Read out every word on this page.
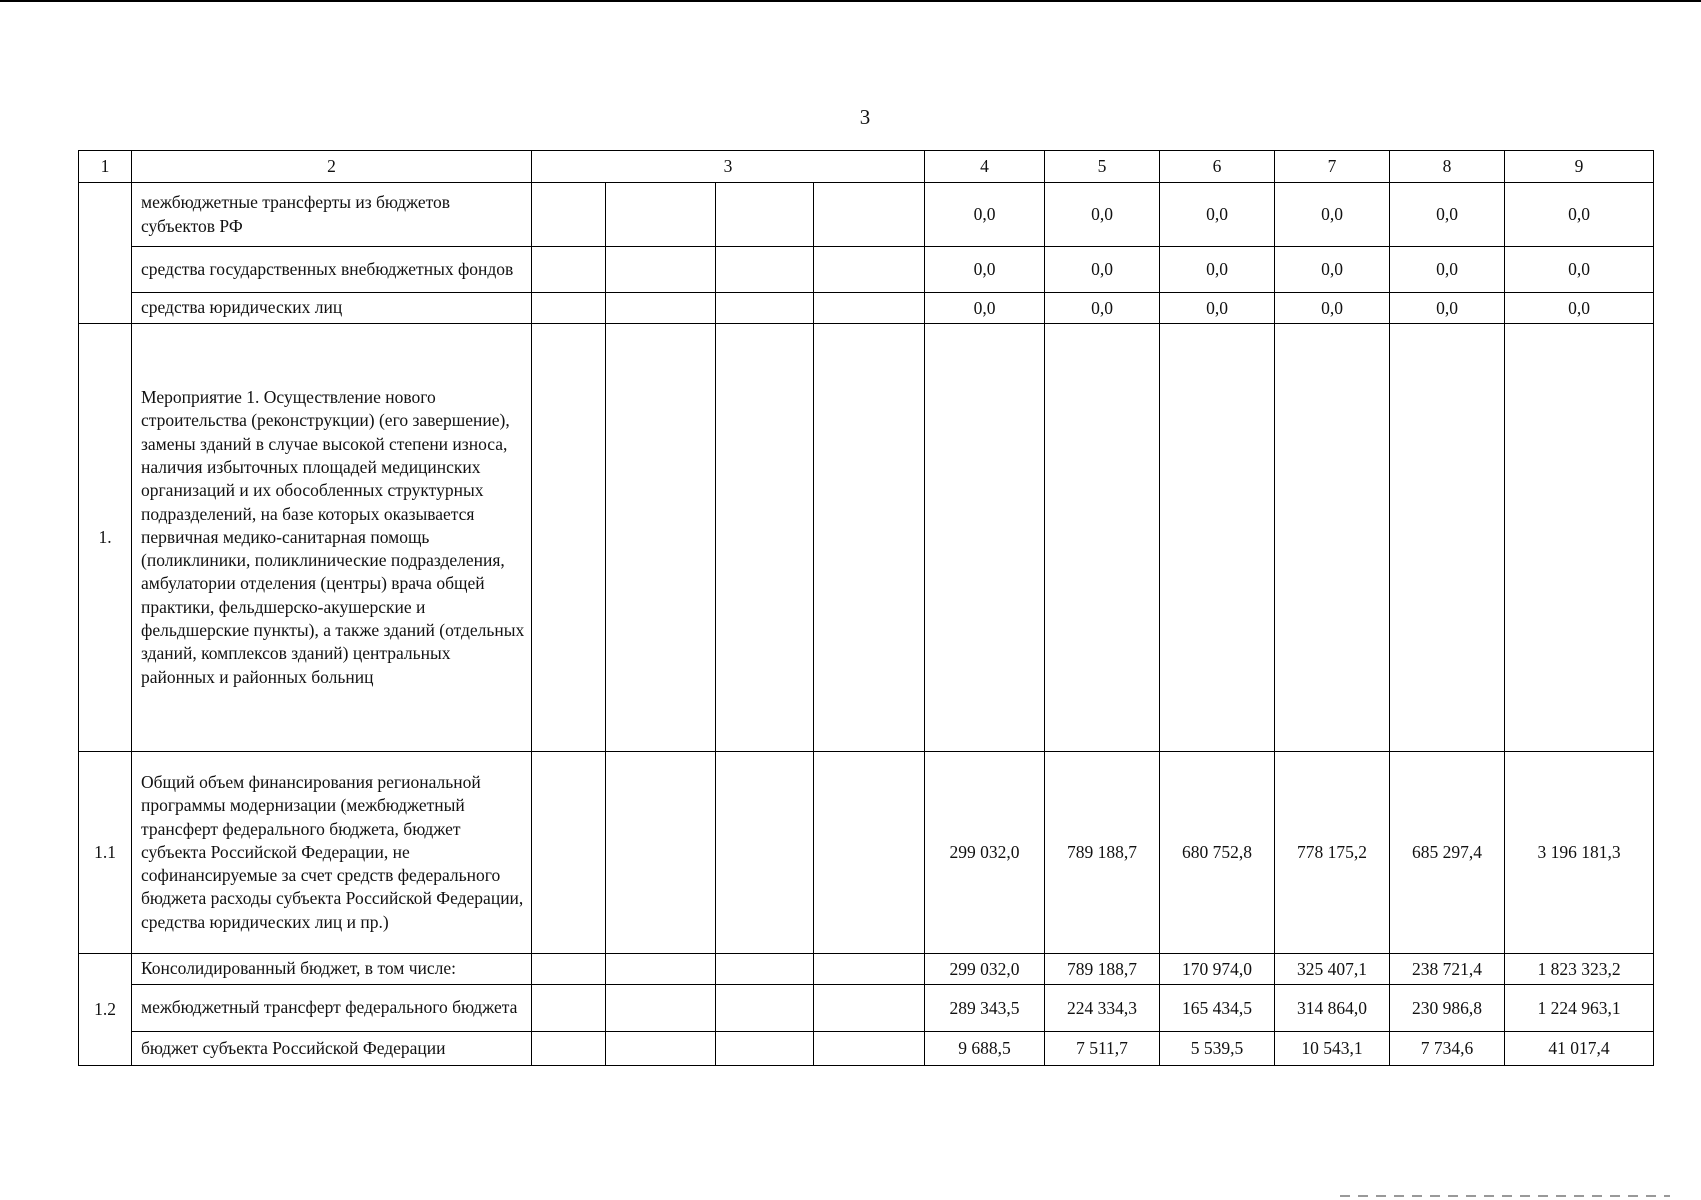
3
1	2	3				4	5	6	7	8	9
	межбюджетные трансферты из бюджетов субъектов РФ					0,0	0,0	0,0	0,0	0,0	0,0
	средства государственных внебюджетных фондов					0,0	0,0	0,0	0,0	0,0	0,0
	средства юридических лиц					0,0	0,0	0,0	0,0	0,0	0,0
1.	Мероприятие 1. Осуществление нового строительства (реконструкции) (его завершение), замены зданий в случае высокой степени износа, наличия избыточных площадей медицинских организаций и их обособленных структурных подразделений, на базе которых оказывается первичная медико-санитарная помощь (поликлиники, поликлинические подразделения, амбулатории отделения (центры) врача общей практики, фельдшерско-акушерские и фельдшерские пункты), а также зданий (отдельных зданий, комплексов зданий) центральных районных и районных больниц										
1.1	Общий объем финансирования региональной программы модернизации (межбюджетный трансферт федерального бюджета, бюджет субъекта Российской Федерации, не софинансируемые за счет средств федерального бюджета расходы субъекта Российской Федерации, средства юридических лиц и пр.)					299 032,0	789 188,7	680 752,8	778 175,2	685 297,4	3 196 181,3
1.2	Консолидированный бюджет, в том числе:					299 032,0	789 188,7	170 974,0	325 407,1	238 721,4	1 823 323,2
	межбюджетный трансферт федерального бюджета					289 343,5	224 334,3	165 434,5	314 864,0	230 986,8	1 224 963,1
	бюджет субъекта Российской Федерации					9 688,5	7 511,7	5 539,5	10 543,1	7 734,6	41 017,4
